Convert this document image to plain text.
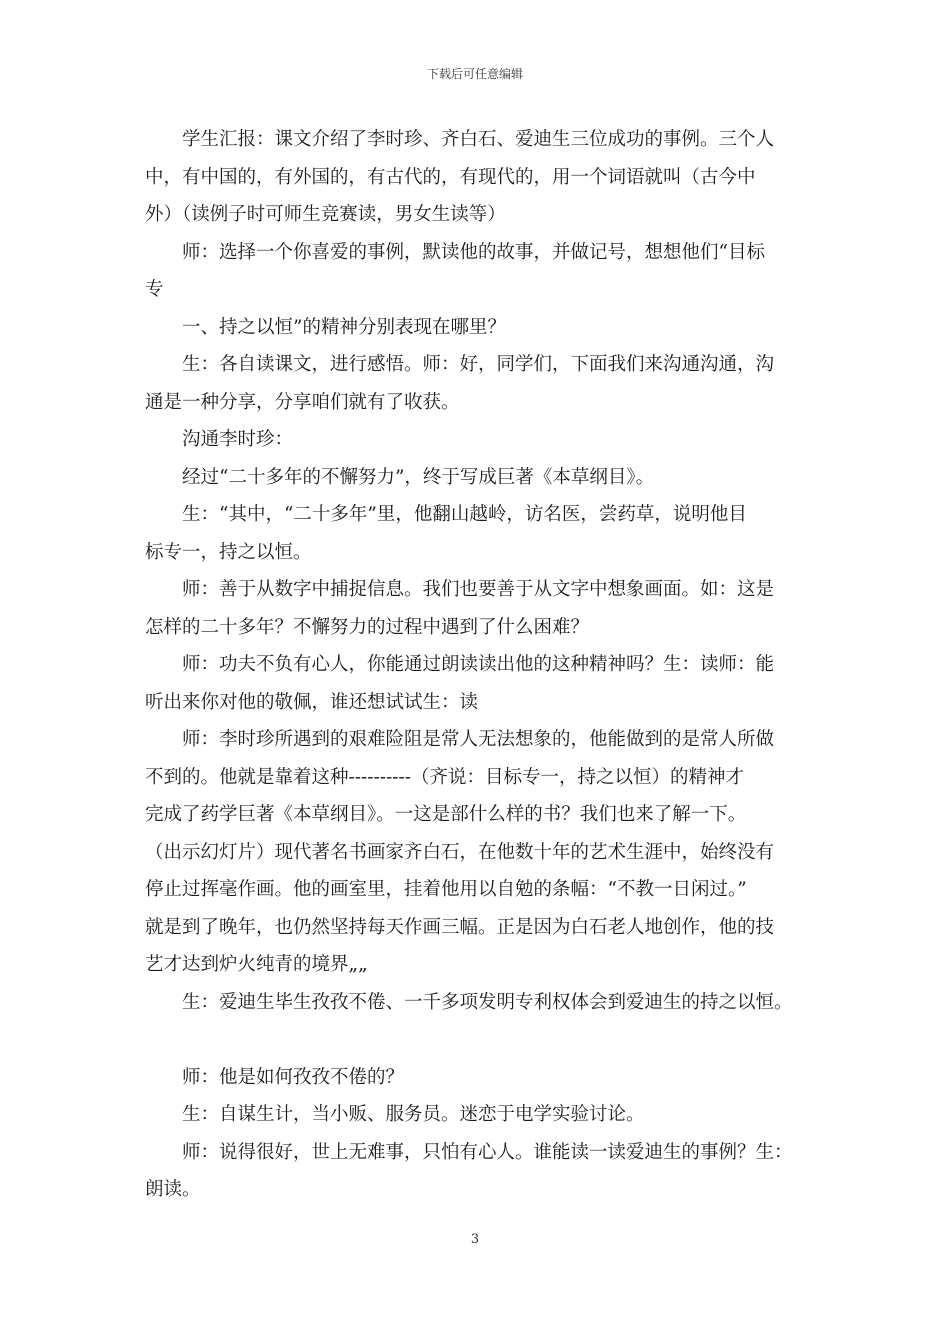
下载后可任意编辑
学生汇报：课文介绍了李时珍、齐白石、爱迪生三位成功的事例。三个人
中，有中国的，有外国的，有古代的，有现代的，用一个词语就叫（古今中
外）（读例子时可师生竞赛读，男女生读等）
师：选择一个你喜爱的事例，默读他的故事，并做记号，想想他们“目标
专
一、持之以恒”的精神分别表现在哪里？
生：各自读课文，进行感悟。师：好，同学们，下面我们来沟通沟通，沟
通是一种分享，分享咱们就有了收获。
沟通李时珍：
经过“二十多年的不懈努力”，终于写成巨著《本草纲目》。
生：“其中，“二十多年”里，他翻山越岭，访名医，尝药草，说明他目
标专一，持之以恒。
师：善于从数字中捕捉信息。我们也要善于从文字中想象画面。如：这是
怎样的二十多年？不懈努力的过程中遇到了什么困难？
师：功夫不负有心人，你能通过朗读读出他的这种精神吗？生：读师：能
听出来你对他的敬佩，谁还想试试生：读
师：李时珍所遇到的艰难险阻是常人无法想象的，他能做到的是常人所做
不到的。他就是靠着这种----------（齐说：目标专一，持之以恒）的精神才
完成了药学巨著《本草纲目》。一这是部什么样的书？我们也来了解一下。
（出示幻灯片）现代著名书画家齐白石，在他数十年的艺术生涯中，始终没有
停止过挥毫作画。他的画室里，挂着他用以自勉的条幅：“不教一日闲过。”
就是到了晚年，也仍然坚持每天作画三幅。正是因为白石老人地创作，他的技
艺才达到炉火纯青的境界„„
生：爱迪生毕生孜孜不倦、一千多项发明专利权体会到爱迪生的持之以恒。
师：他是如何孜孜不倦的？
生：自谋生计，当小贩、服务员。迷恋于电学实验讨论。
师：说得很好，世上无难事，只怕有心人。谁能读一读爱迪生的事例？生：
朗读。
3
